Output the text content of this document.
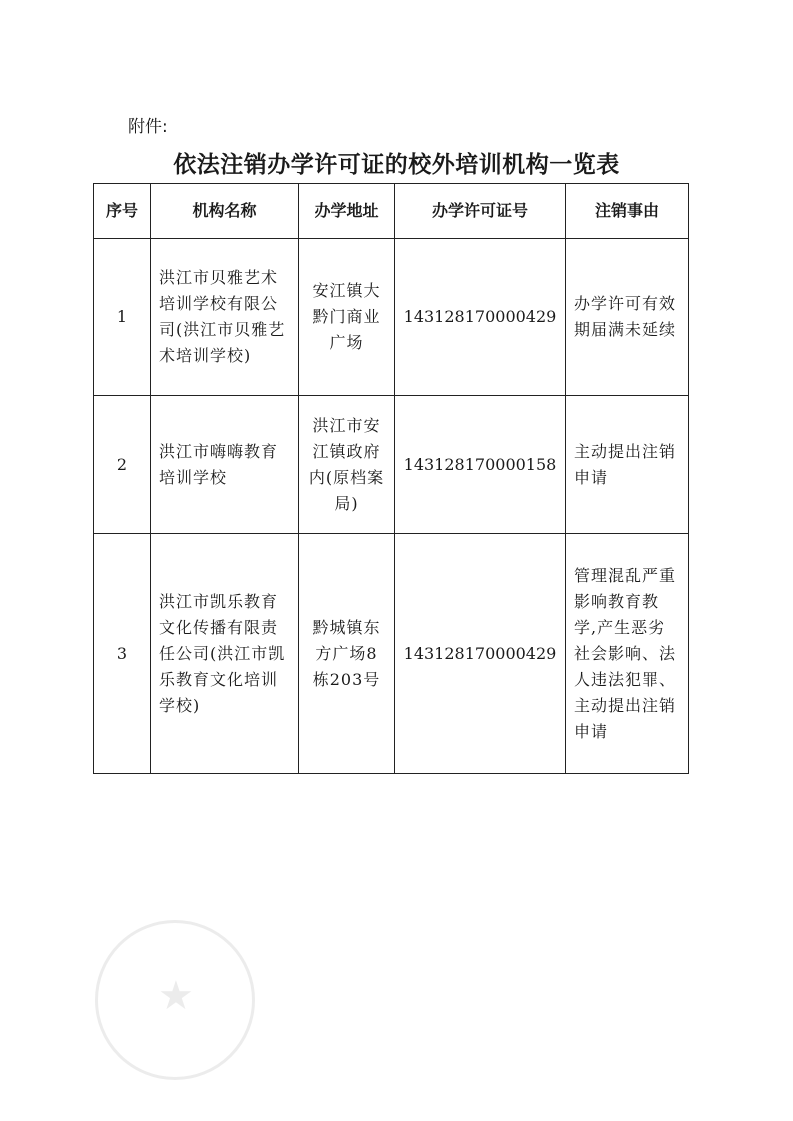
附件:
依法注销办学许可证的校外培训机构一览表
序号	机构名称	办学地址	办学许可证号	注销事由
1	洪江市贝雅艺术培训学校有限公司(洪江市贝雅艺术培训学校)	安江镇大黔门商业广场	143128170000429	办学许可有效期届满未延续
2	洪江市嗨嗨教育培训学校	洪江市安江镇政府内(原档案局)	143128170000158	主动提出注销申请
3	洪江市凯乐教育文化传播有限责任公司(洪江市凯乐教育文化培训学校)	黔城镇东方广场8栋203号	143128170000429	管理混乱严重影响教育教学,产生恶劣社会影响、法人违法犯罪、主动提出注销申请
★
